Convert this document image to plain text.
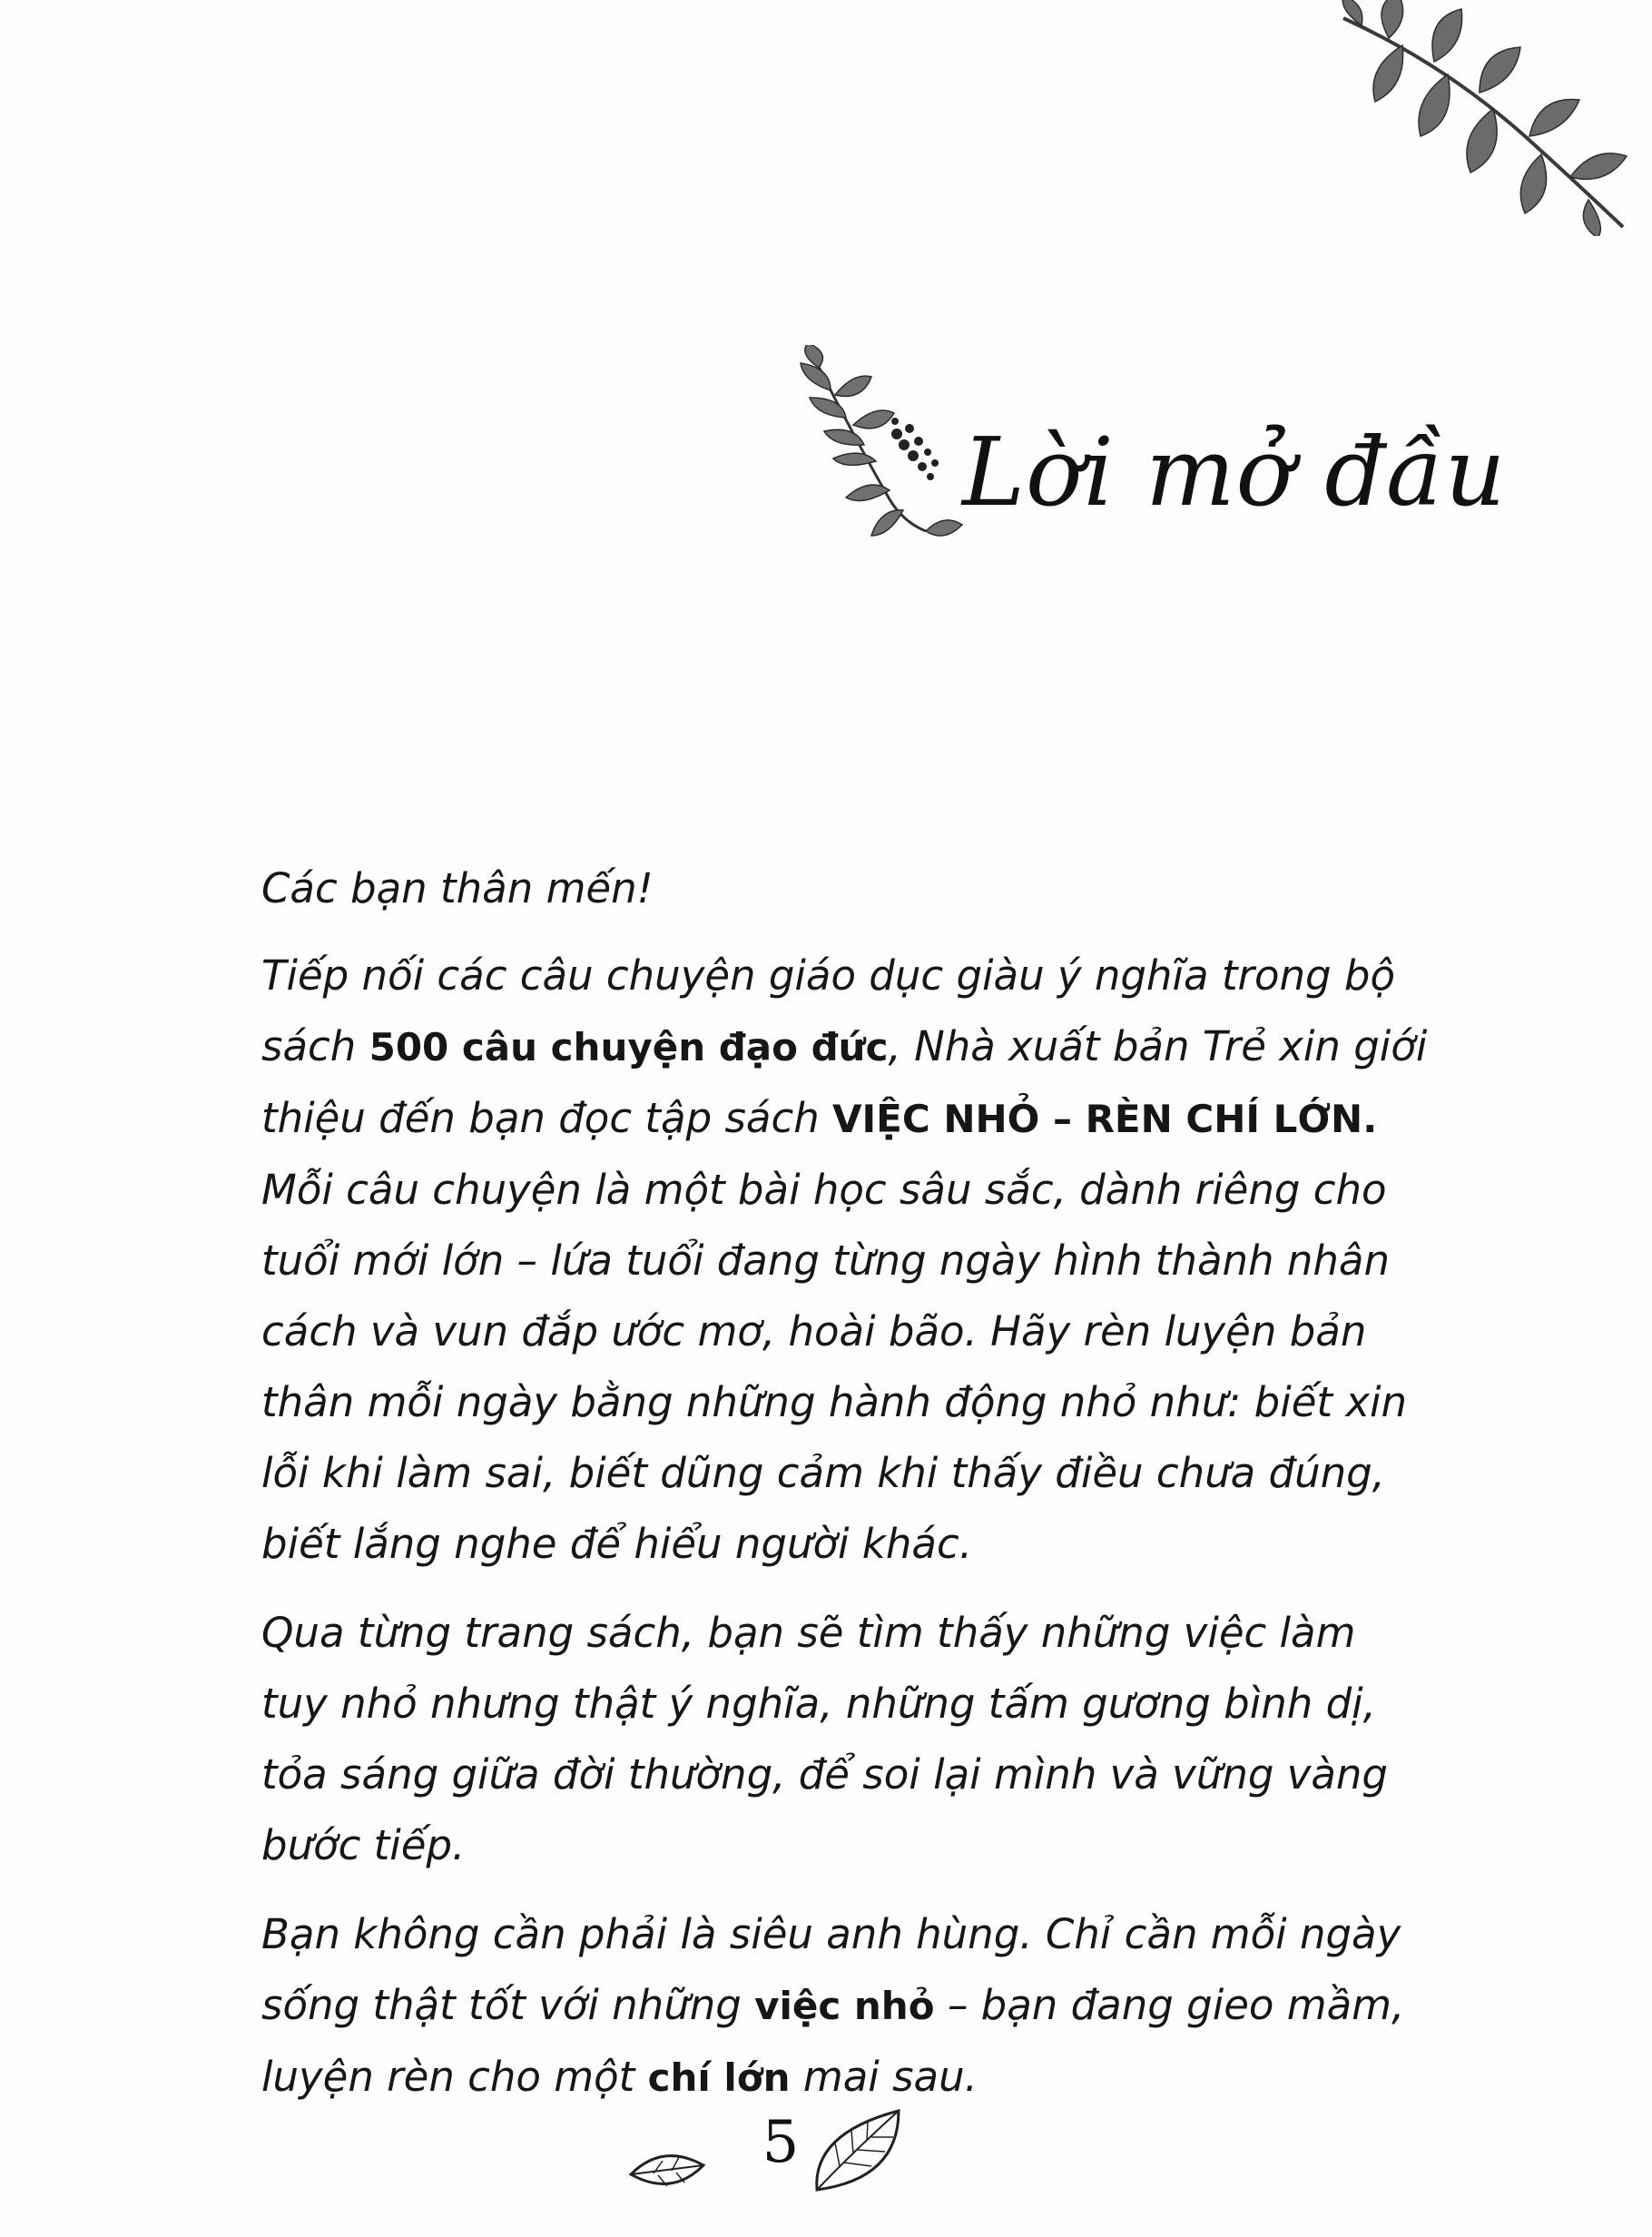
Lời mở đầu

Các bạn thân mến!

Tiếp nối các câu chuyện giáo dục giàu ý nghĩa trong bộ sách 500 câu chuyện đạo đức, Nhà xuất bản Trẻ xin giới thiệu đến bạn đọc tập sách VIỆC NHỎ – RÈN CHÍ LỚN. Mỗi câu chuyện là một bài học sâu sắc, dành riêng cho tuổi mới lớn – lứa tuổi đang từng ngày hình thành nhân cách và vun đắp ước mơ, hoài bão. Hãy rèn luyện bản thân mỗi ngày bằng những hành động nhỏ như: biết xin lỗi khi làm sai, biết dũng cảm khi thấy điều chưa đúng, biết lắng nghe để hiểu người khác.

Qua từng trang sách, bạn sẽ tìm thấy những việc làm tuy nhỏ nhưng thật ý nghĩa, những tấm gương bình dị, tỏa sáng giữa đời thường, để soi lại mình và vững vàng bước tiếp.

Bạn không cần phải là siêu anh hùng. Chỉ cần mỗi ngày sống thật tốt với những việc nhỏ – bạn đang gieo mầm, luyện rèn cho một chí lớn mai sau.

5
